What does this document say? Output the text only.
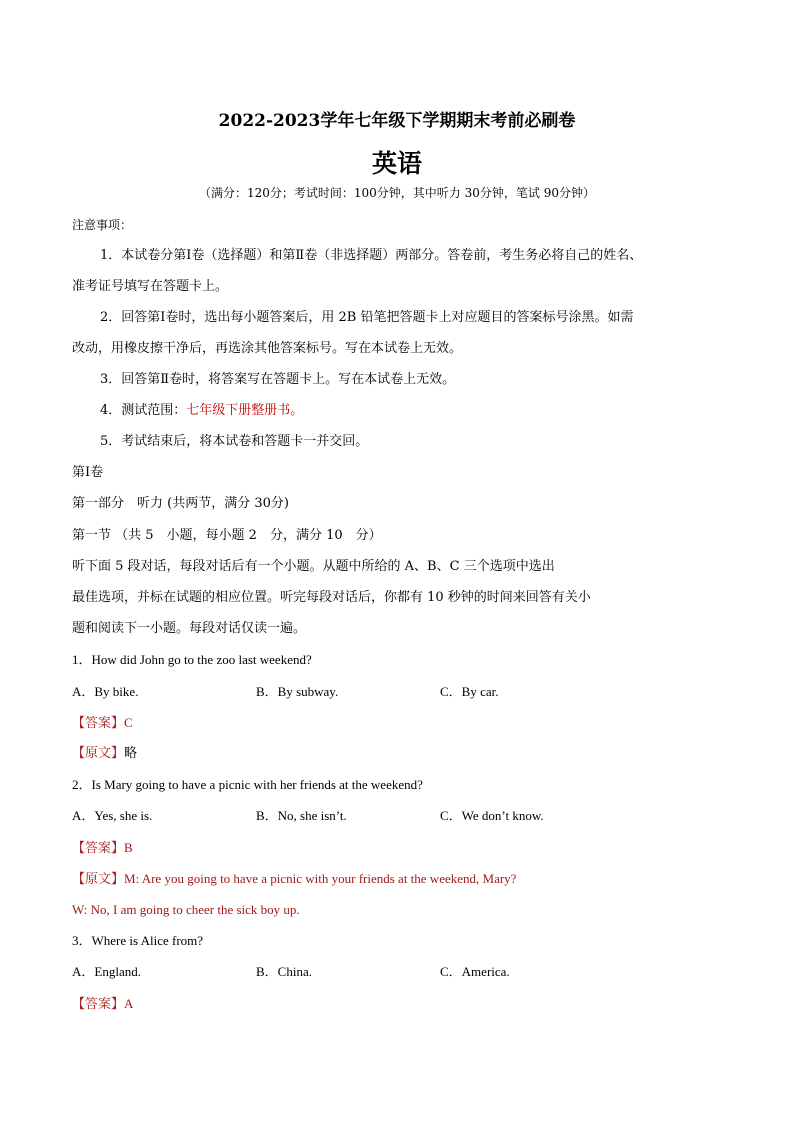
2022-2023学年七年级下学期期末考前必刷卷
英语
（满分：120分；考试时间：100分钟，其中听力 30分钟，笔试 90分钟）
注意事项：
1．本试卷分第Ⅰ卷（选择题）和第Ⅱ卷（非选择题）两部分。答卷前，考生务必将自己的姓名、
准考证号填写在答题卡上。
2．回答第Ⅰ卷时，选出每小题答案后，用 2B 铅笔把答题卡上对应题目的答案标号涂黑。如需
改动，用橡皮擦干净后，再选涂其他答案标号。写在本试卷上无效。
3．回答第Ⅱ卷时，将答案写在答题卡上。写在本试卷上无效。
4．测试范围：七年级下册整册书。
5．考试结束后，将本试卷和答题卡一并交回。
第Ⅰ卷
第一部分　听力 (共两节，满分 30分)
第一节 （共 5　小题，每小题 2　分，满分 10　分）
听下面 5 段对话，每段对话后有一个小题。从题中所给的 A、B、C 三个选项中选出
最佳选项，并标在试题的相应位置。听完每段对话后，你都有 10 秒钟的时间来回答有关小
题和阅读下一小题。每段对话仅读一遍。
1．How did John go to the zoo last weekend?
A．By bike.	B．By subway.	C．By car.
【答案】C
【原文】略
2．Is Mary going to have a picnic with her friends at the weekend?
A．Yes, she is.	B．No, she isn’t.	C．We don’t know.
【答案】B
【原文】M: Are you going to have a picnic with your friends at the weekend, Mary?
W: No, I am going to cheer the sick boy up.
3．Where is Alice from?
A．England.	B．China.	C．America.
【答案】A
